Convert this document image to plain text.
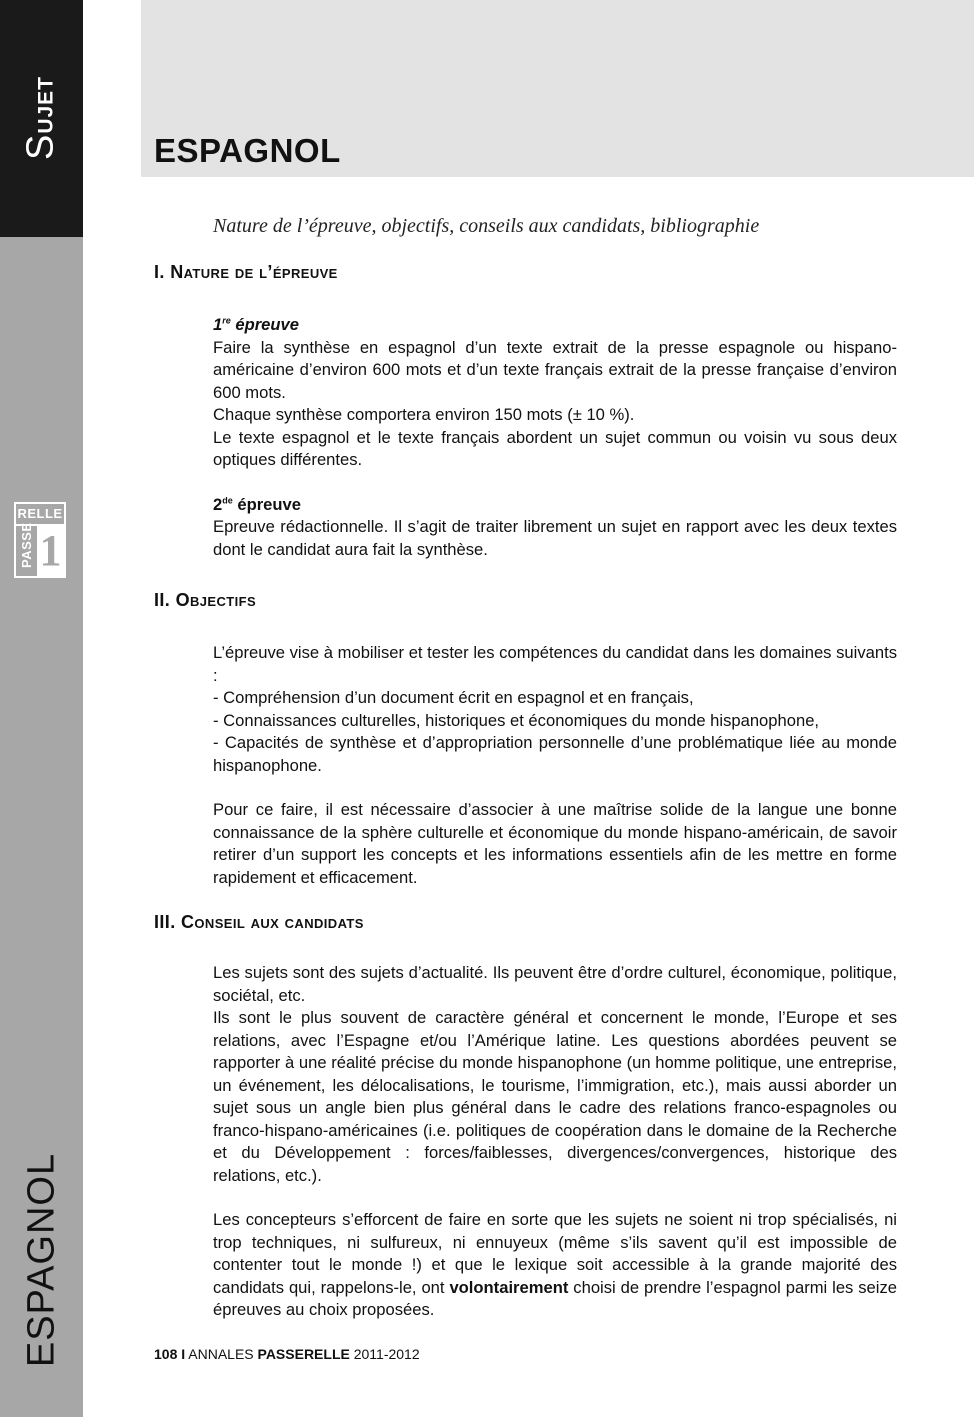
Sujet
RELLE
PASSE 1
ESPAGNOL
ESPAGNOL

Nature de l’épreuve, objectifs, conseils aux candidats, bibliographie

I. Nature de l’épreuve

1re épreuve

Faire la synthèse en espagnol d’un texte extrait de la presse espagnole ou hispano-américaine d’environ 600 mots et d’un texte français extrait de la presse française d’environ 600 mots.

Chaque synthèse comportera environ 150 mots (± 10 %).

Le texte espagnol et le texte français abordent un sujet commun ou voisin vu sous deux optiques différentes.

2de épreuve

Epreuve rédactionnelle. Il s’agit de traiter librement un sujet en rapport avec les deux textes dont le candidat aura fait la synthèse.

II. Objectifs

L’épreuve vise à mobiliser et tester les compétences du candidat dans les domaines suivants :

- Compréhension d’un document écrit en espagnol et en français,

- Connaissances culturelles, historiques et économiques du monde hispanophone,

- Capacités de synthèse et d’appropriation personnelle d’une problématique liée au monde hispanophone.

Pour ce faire, il est nécessaire d’associer à une maîtrise solide de la langue une bonne connaissance de la sphère culturelle et économique du monde hispano-américain, de savoir retirer d’un support les concepts et les informations essentiels afin de les mettre en forme rapidement et efficacement.

III. Conseil aux candidats

Les sujets sont des sujets d’actualité. Ils peuvent être d’ordre culturel, économique, politique, sociétal, etc.

Ils sont le plus souvent de caractère général et concernent le monde, l’Europe et ses relations, avec l’Espagne et/ou l’Amérique latine. Les questions abordées peuvent se rapporter à une réalité précise du monde hispanophone (un homme politique, une entreprise, un événement, les délocalisations, le tourisme, l’immigration, etc.), mais aussi aborder un sujet sous un angle bien plus général dans le cadre des relations franco-espagnoles ou franco-hispano-américaines (i.e. politiques de coopération dans le domaine de la Recherche et du Développement : forces/faiblesses, divergences/convergences, historique des relations, etc.).

Les concepteurs s’efforcent de faire en sorte que les sujets ne soient ni trop spécialisés, ni trop techniques, ni sulfureux, ni ennuyeux (même s’ils savent qu’il est impossible de contenter tout le monde !) et que le lexique soit accessible à la grande majorité des candidats qui, rappelons-le, ont volontairement choisi de prendre l’espagnol parmi les seize épreuves au choix proposées.

108 I ANNALES PASSERELLE 2011-2012
